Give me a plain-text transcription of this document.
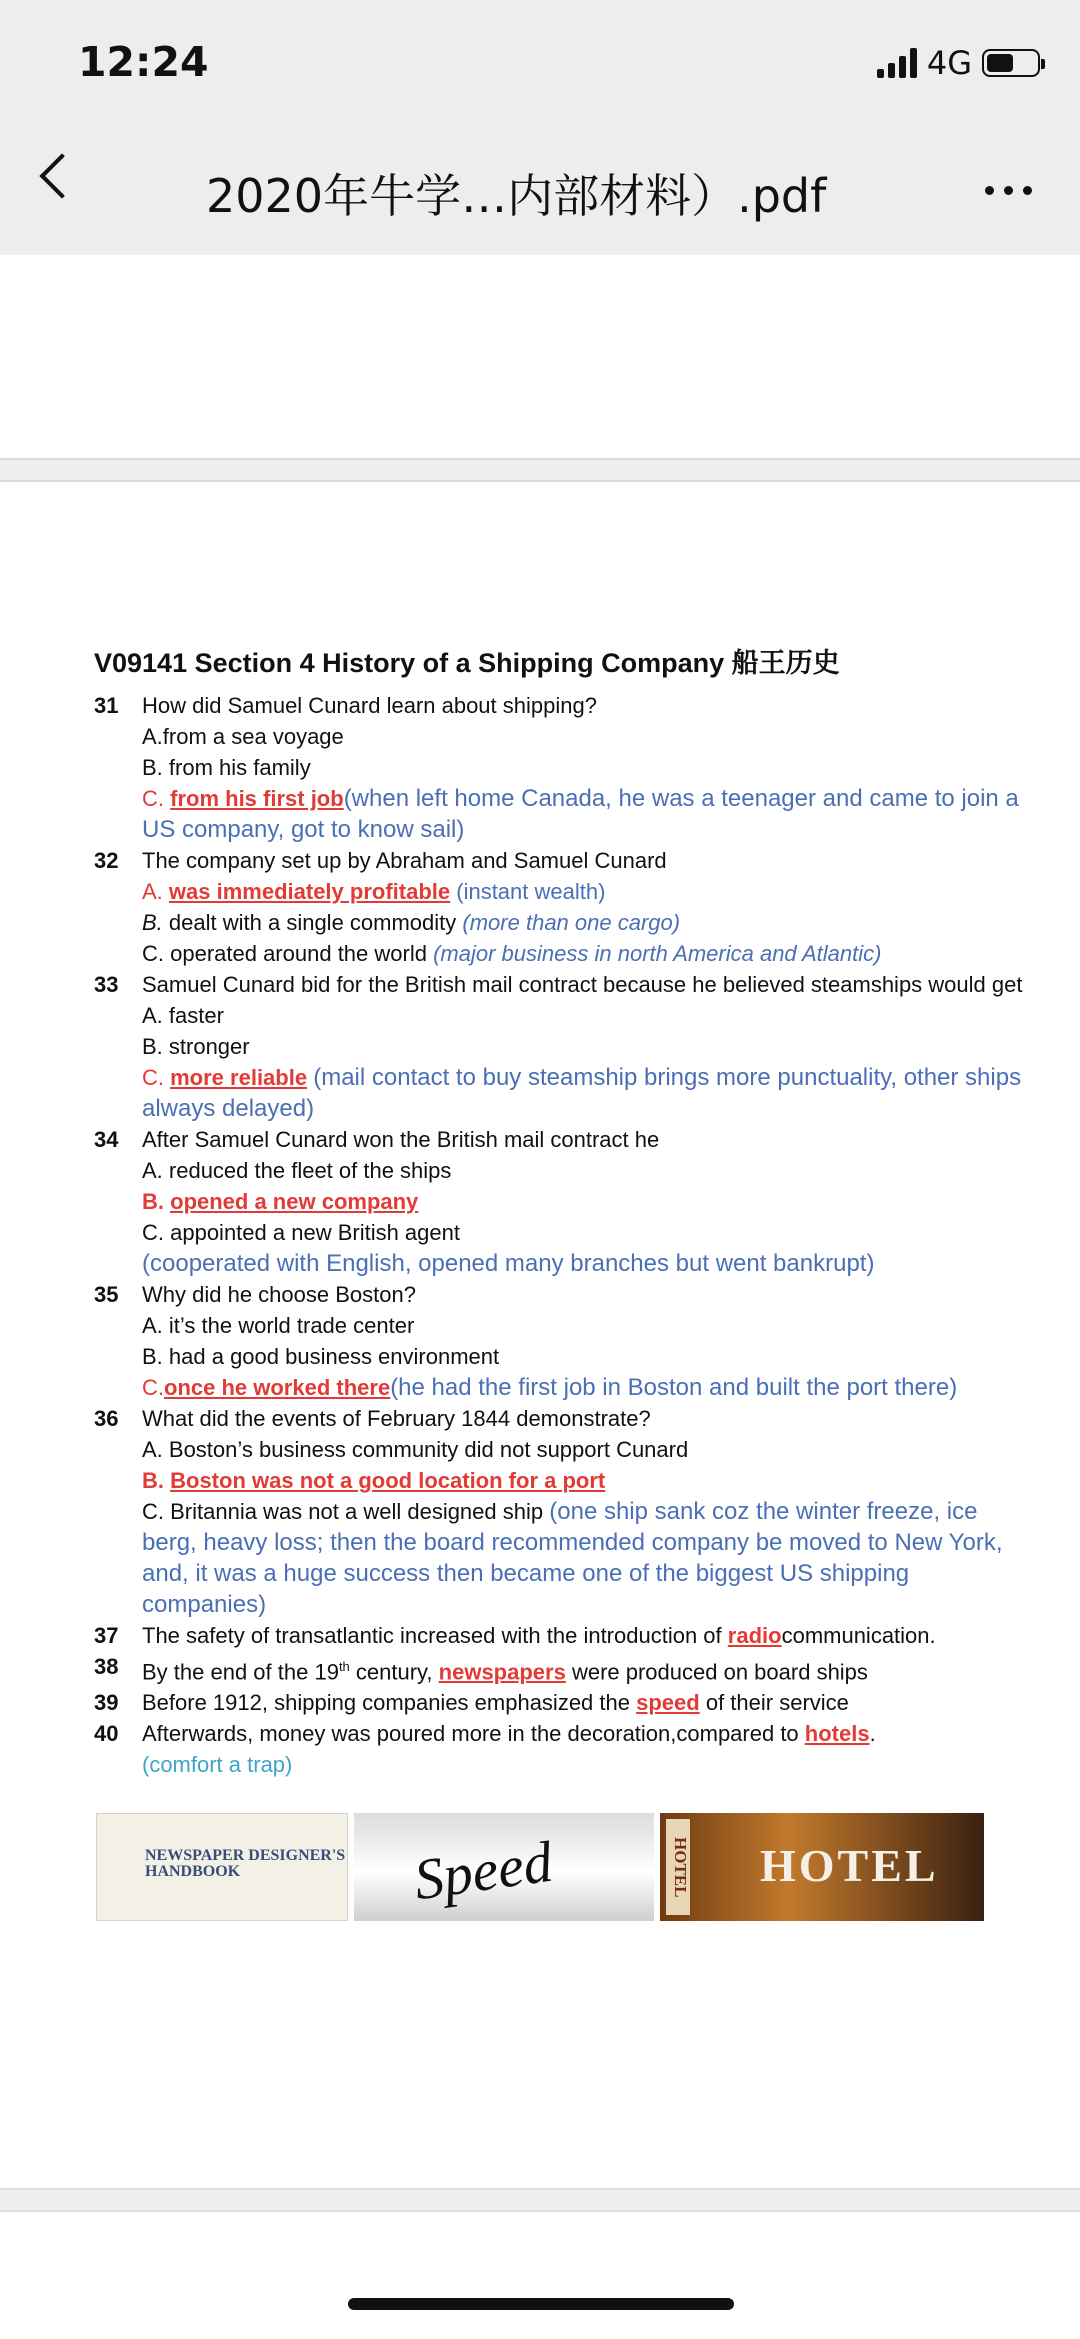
12:24	4G
2020年牛学…内部材料）.pdf
V09141 Section 4 History of a Shipping Company 船王历史
31	How did Samuel Cunard learn about shipping?
A.from a sea voyage
B. from his family
C. from his first job(when left home Canada, he was a teenager and came to join a US company, got to know sail)
32	The company set up by Abraham and Samuel Cunard
A. was immediately profitable (instant wealth)
B. dealt with a single commodity (more than one cargo)
C. operated around the world (major business in north America and Atlantic)
33	Samuel Cunard bid for the British mail contract because he believed steamships would get
A. faster
B. stronger
C. more reliable (mail contact to buy steamship brings more punctuality, other ships always delayed)
34	After Samuel Cunard won the British mail contract he
A. reduced the fleet of the ships
B. opened a new company
C. appointed a new British agent
(cooperated with English, opened many branches but went bankrupt)
35	Why did he choose Boston?
A. it’s the world trade center
B. had a good business environment
C.once he worked there(he had the first job in Boston and built the port there)
36	What did the events of February 1844 demonstrate?
A. Boston’s business community did not support Cunard
B. Boston was not a good location for a port
C. Britannia was not a well designed ship (one ship sank coz the winter freeze, ice berg, heavy loss; then the board recommended company be moved to New York, and, it was a huge success then became one of the biggest US shipping companies)
37	The safety of transatlantic increased with the introduction of radiocommunication.
38	By the end of the 19th century, newspapers were produced on board ships
39	Before 1912, shipping companies emphasized the speed of their service
40	Afterwards, money was poured more in the decoration,compared to hotels.
(comfort a trap)
NEWSPAPER DESIGNER'S HANDBOOK	Speed	HOTEL HOTEL
